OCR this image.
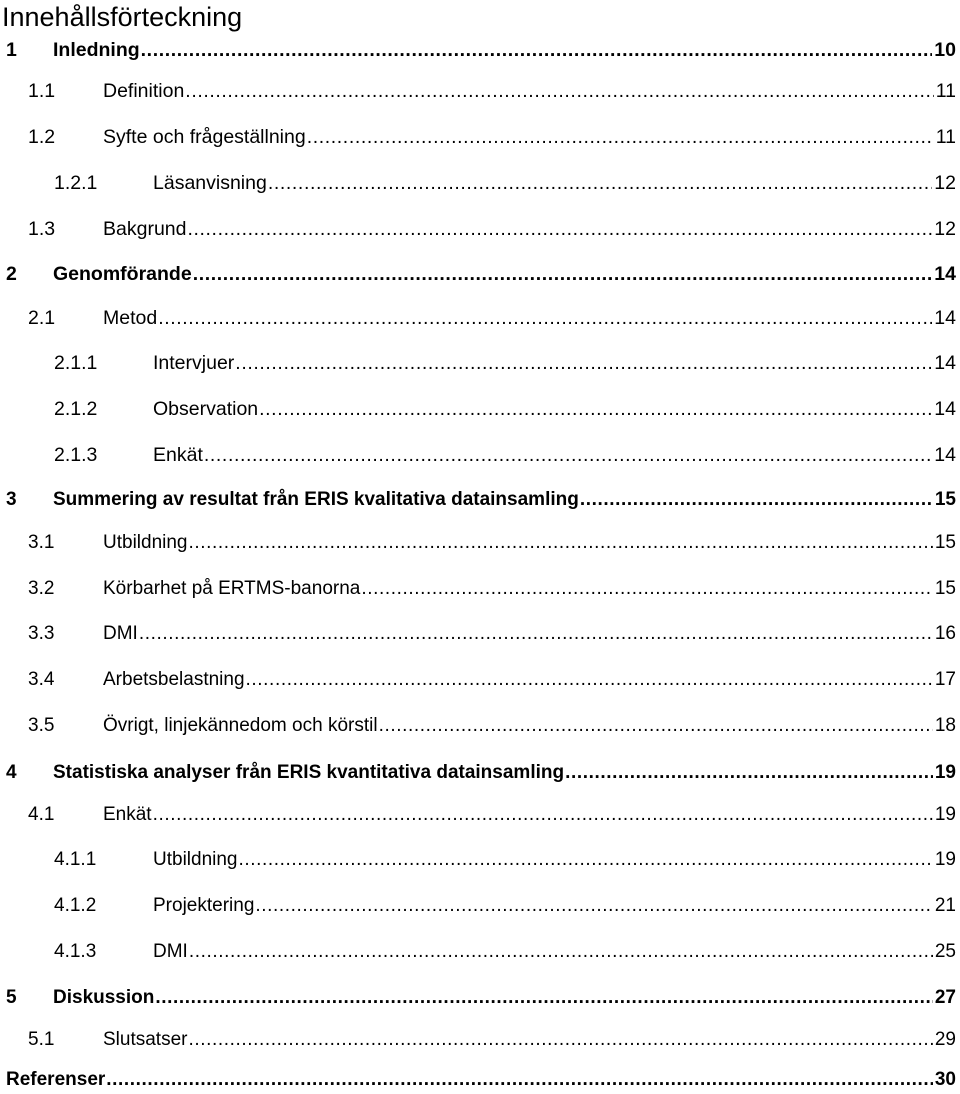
Innehållsförteckning
1	Inledning .....	10
1.1	Definition .....	11
1.2	Syfte och frågeställning .....	11
1.2.1	Läsanvisning .....	12
1.3	Bakgrund .....	12
2	Genomförande .....	14
2.1	Metod .....	14
2.1.1	Intervjuer .....	14
2.1.2	Observation .....	14
2.1.3	Enkät .....	14
3	Summering av resultat från ERIS kvalitativa datainsamling .....	15
3.1	Utbildning .....	15
3.2	Körbarhet på ERTMS-banorna .....	15
3.3	DMI .....	16
3.4	Arbetsbelastning .....	17
3.5	Övrigt, linjekännedom och körstil .....	18
4	Statistiska analyser från ERIS kvantitativa datainsamling .....	19
4.1	Enkät .....	19
4.1.1	Utbildning .....	19
4.1.2	Projektering .....	21
4.1.3	DMI .....	25
5	Diskussion .....	27
5.1	Slutsatser .....	29
Referenser .....	30
